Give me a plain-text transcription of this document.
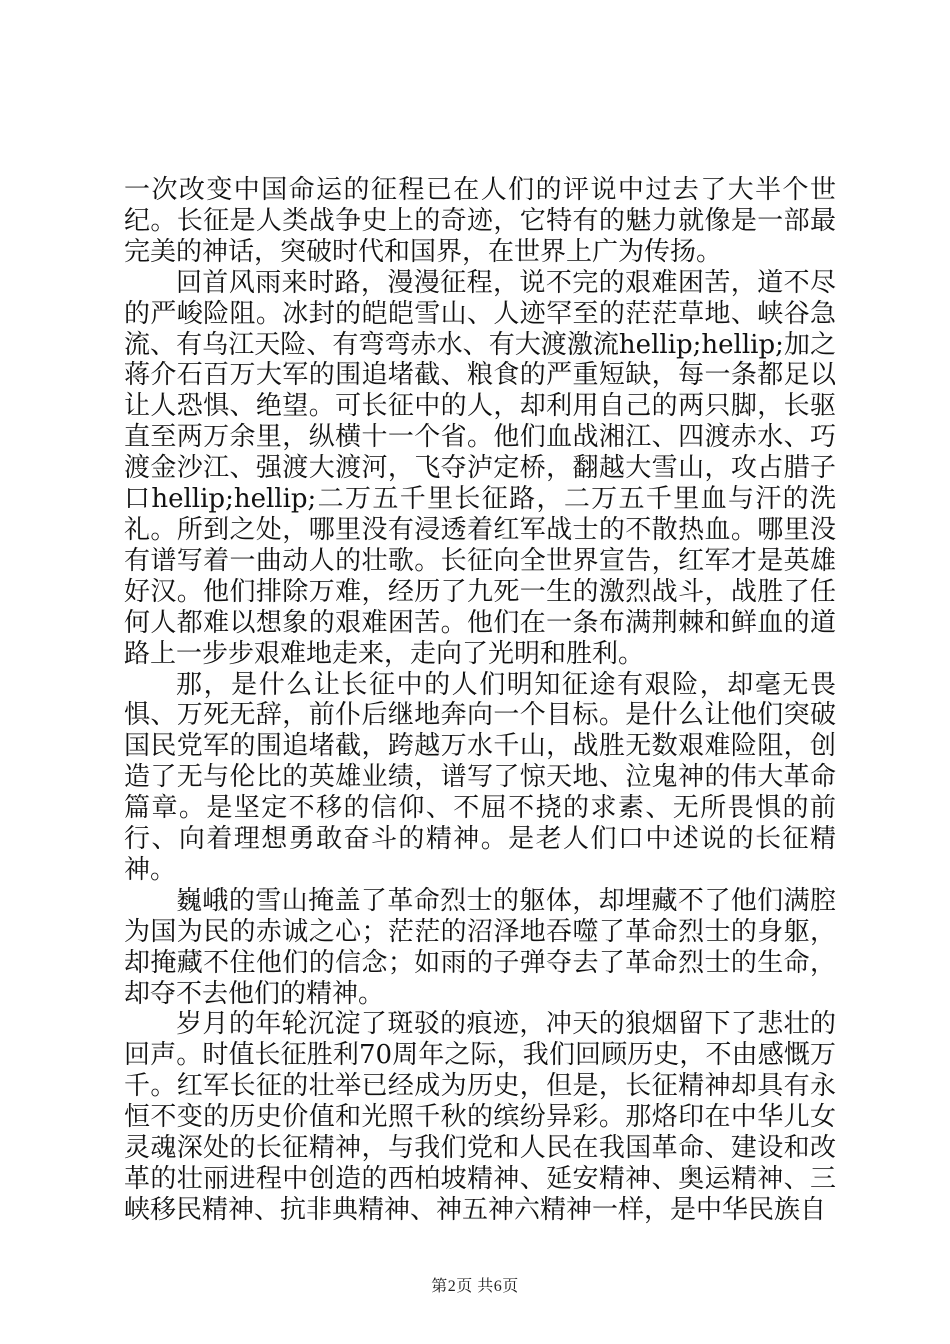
一次改变中国命运的征程已在人们的评说中过去了大半个世纪。长征是人类战争史上的奇迹，它特有的魅力就像是一部最完美的神话，突破时代和国界，在世界上广为传扬。

回首风雨来时路，漫漫征程，说不完的艰难困苦，道不尽的严峻险阻。冰封的皑皑雪山、人迹罕至的茫茫草地、峡谷急流、有乌江天险、有弯弯赤水、有大渡激流hellip;hellip;加之蒋介石百万大军的围追堵截、粮食的严重短缺，每一条都足以让人恐惧、绝望。可长征中的人，却利用自己的两只脚，长驱直至两万余里，纵横十一个省。他们血战湘江、四渡赤水、巧渡金沙江、强渡大渡河，飞夺泸定桥，翻越大雪山，攻占腊子口hellip;hellip;二万五千里长征路，二万五千里血与汗的洗礼。所到之处，哪里没有浸透着红军战士的不散热血。哪里没有谱写着一曲动人的壮歌。长征向全世界宣告，红军才是英雄好汉。他们排除万难，经历了九死一生的激烈战斗，战胜了任何人都难以想象的艰难困苦。他们在一条布满荆棘和鲜血的道路上一步步艰难地走来，走向了光明和胜利。

那，是什么让长征中的人们明知征途有艰险，却毫无畏惧、万死无辞，前仆后继地奔向一个目标。是什么让他们突破国民党军的围追堵截，跨越万水千山，战胜无数艰难险阻，创造了无与伦比的英雄业绩，谱写了惊天地、泣鬼神的伟大革命篇章。是坚定不移的信仰、不屈不挠的求素、无所畏惧的前行、向着理想勇敢奋斗的精神。是老人们口中述说的长征精神。

巍峨的雪山掩盖了革命烈士的躯体，却埋藏不了他们满腔为国为民的赤诚之心；茫茫的沼泽地吞噬了革命烈士的身躯，却掩藏不住他们的信念；如雨的子弹夺去了革命烈士的生命，却夺不去他们的精神。

岁月的年轮沉淀了斑驳的痕迹，冲天的狼烟留下了悲壮的回声。时值长征胜利70周年之际，我们回顾历史，不由感慨万千。红军长征的壮举已经成为历史，但是，长征精神却具有永恒不变的历史价值和光照千秋的缤纷异彩。那烙印在中华儿女灵魂深处的长征精神，与我们党和人民在我国革命、建设和改革的壮丽进程中创造的西柏坡精神、延安精神、奥运精神、三峡移民精神、抗非典精神、神五神六精神一样，是中华民族自

第2页 共6页
